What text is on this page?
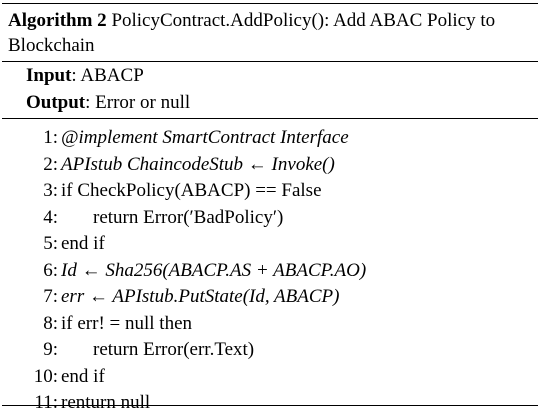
Algorithm 2 PolicyContract.AddPolicy(): Add ABAC Policy to Blockchain
Input: ABACP
Output: Error or null
1: @implement SmartContract Interface
2: APIstub ChaincodeStub ← Invoke()
3: if CheckPolicy(ABACP) == False
4: return Error(′BadPolicy′)
5: end if
6: Id ← Sha256(ABACP.AS + ABACP.AO)
7: err ← APIstub.PutState(Id, ABACP)
8: if err! = null then
9: return Error(err.Text)
10: end if
11: renturn null
